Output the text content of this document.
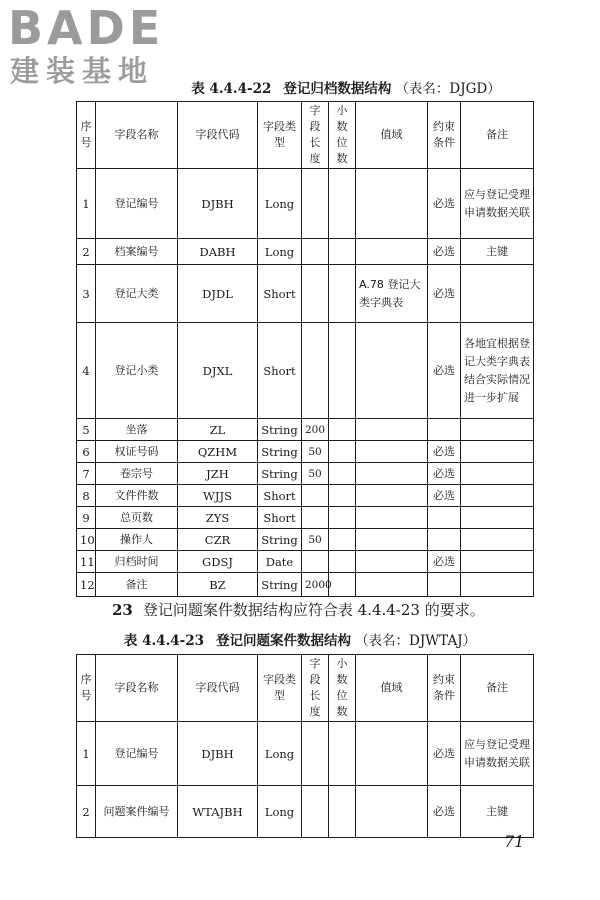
BADE
建装基地
表 4.4.4-22 登记归档数据结构 （表名：DJGD）
序号	字段名称	字段代码	字段类型	字段长度	小数位数	值域	约束条件	备注
1	登记编号	DJBH	Long				必选	应与登记受理申请数据关联
2	档案编号	DABH	Long				必选	主键
3	登记大类	DJDL	Short			A.78 登记大类字典表	必选	
4	登记小类	DJXL	Short				必选	各地宜根据登记大类字典表结合实际情况进一步扩展
5	坐落	ZL	String	200				
6	权证号码	QZHM	String	50			必选	
7	卷宗号	JZH	String	50			必选	
8	文件件数	WJJS	Short				必选	
9	总页数	ZYS	Short					
10	操作人	CZR	String	50				
11	归档时间	GDSJ	Date				必选	
12	备注	BZ	String	2000				
23 登记问题案件数据结构应符合表 4.4.4-23 的要求。
表 4.4.4-23 登记问题案件数据结构 （表名：DJWTAJ）
序号	字段名称	字段代码	字段类型	字段长度	小数位数	值域	约束条件	备注
1	登记编号	DJBH	Long				必选	应与登记受理申请数据关联
2	问题案件编号	WTAJBH	Long				必选	主键
71
